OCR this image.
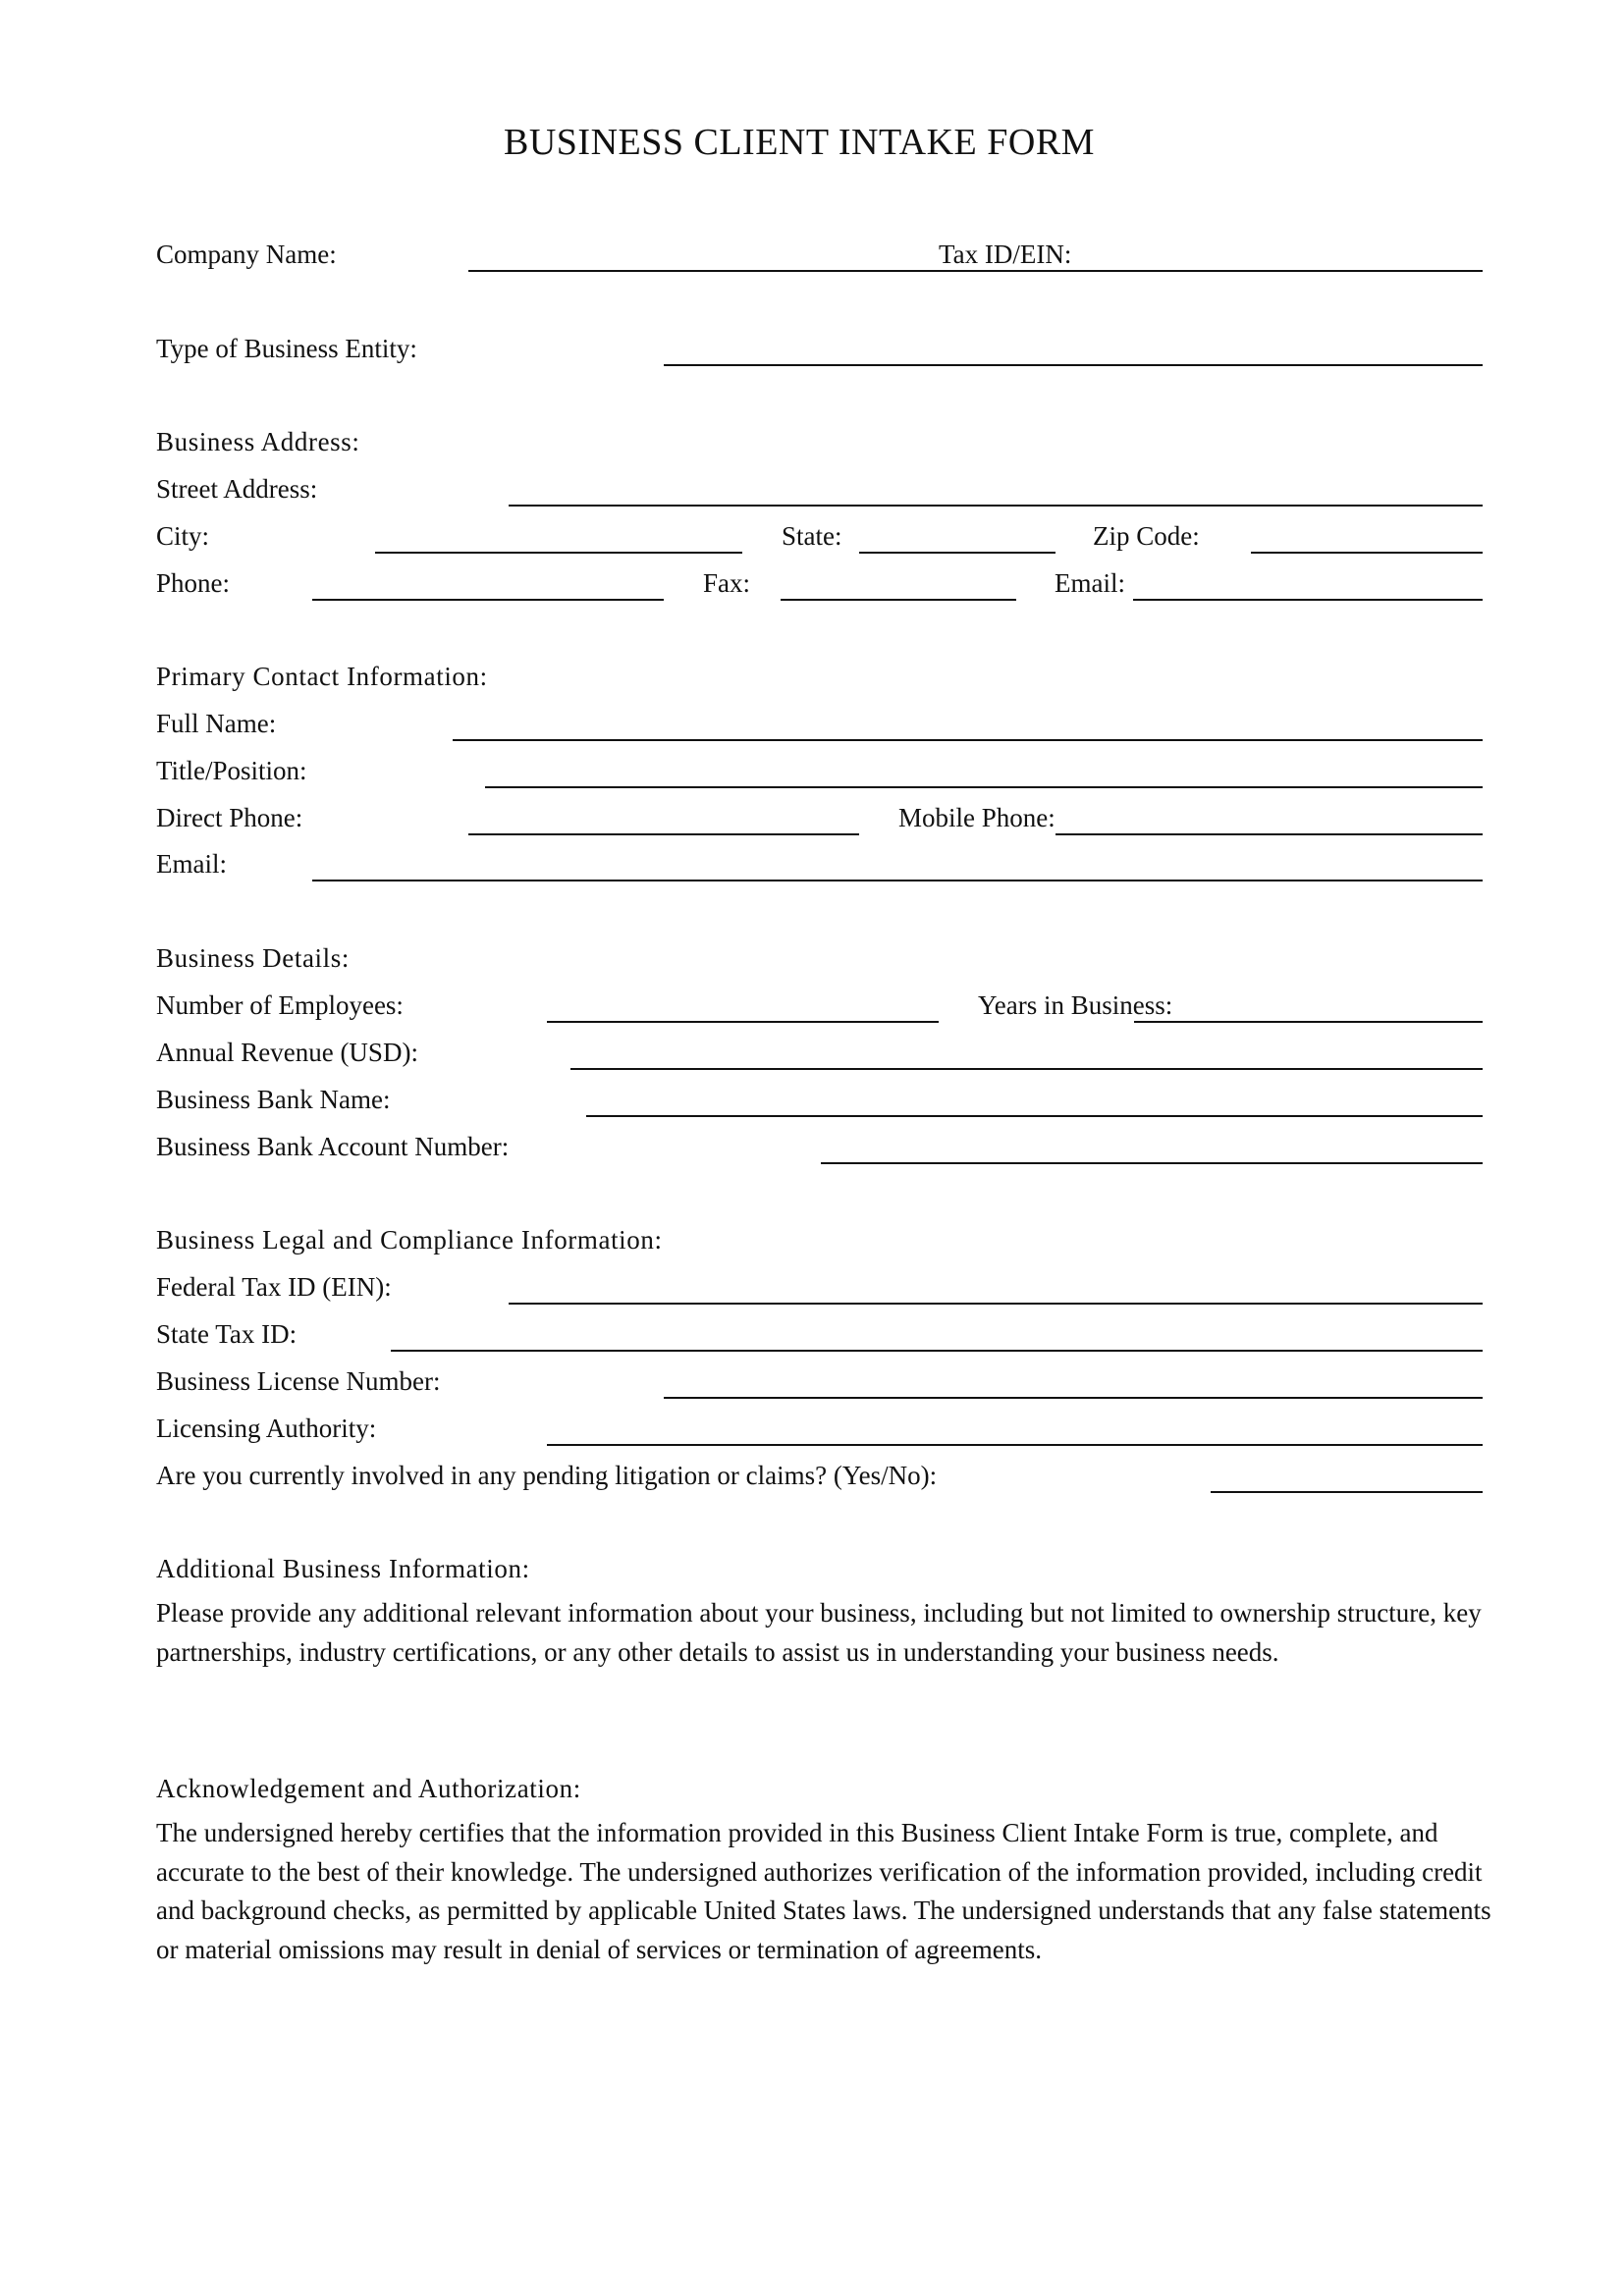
BUSINESS CLIENT INTAKE FORM
Company Name:	Tax ID/EIN:
Type of Business Entity:
Business Address:
Street Address:
City:	State:	Zip Code:
Phone:	Fax:	Email:
Primary Contact Information:
Full Name:
Title/Position:
Direct Phone:	Mobile Phone:
Email:
Business Details:
Number of Employees:	Years in Business:
Annual Revenue (USD):
Business Bank Name:
Business Bank Account Number:
Business Legal and Compliance Information:
Federal Tax ID (EIN):
State Tax ID:
Business License Number:
Licensing Authority:
Are you currently involved in any pending litigation or claims? (Yes/No):
Additional Business Information:
Please provide any additional relevant information about your business, including but not limited to ownership structure, key partnerships, industry certifications, or any other details to assist us in understanding your business needs.
Acknowledgement and Authorization:
The undersigned hereby certifies that the information provided in this Business Client Intake Form is true, complete, and accurate to the best of their knowledge. The undersigned authorizes verification of the information provided, including credit and background checks, as permitted by applicable United States laws. The undersigned understands that any false statements or material omissions may result in denial of services or termination of agreements.
